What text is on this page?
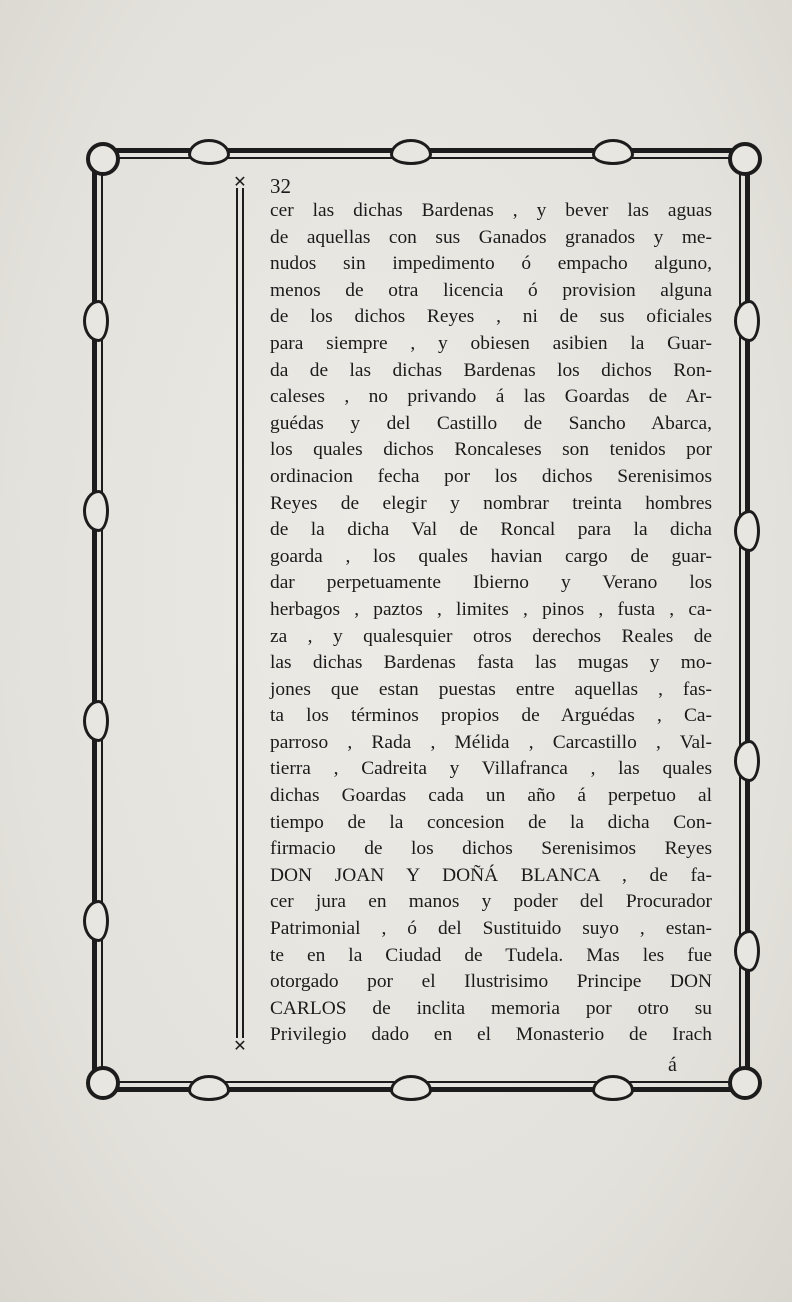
✕
✕
32
cer las dichas Bardenas , y bever las aguas
de aquellas con sus Ganados granados y me-
nudos sin impedimento ó empacho alguno,
menos de otra licencia ó provision alguna
de los dichos Reyes , ni de sus oficiales
para siempre , y obiesen asibien la Guar-
da de las dichas Bardenas los dichos Ron-
caleses , no privando á las Goardas de Ar-
guédas y del Castillo de Sancho Abarca,
los quales dichos Roncaleses son tenidos por
ordinacion fecha por los dichos Serenisimos
Reyes de elegir y nombrar treinta hombres
de la dicha Val de Roncal para la dicha
goarda , los quales havian cargo de guar-
dar perpetuamente Ibierno y Verano los
herbagos , paztos , limites , pinos , fusta , ca-
za , y qualesquier otros derechos Reales de
las dichas Bardenas fasta las mugas y mo-
jones que estan puestas entre aquellas , fas-
ta los términos propios de Arguédas , Ca-
parroso , Rada , Mélida , Carcastillo , Val-
tierra , Cadreita y Villafranca , las quales
dichas Goardas cada un año á perpetuo al
tiempo de la concesion de la dicha Con-
firmacio de los dichos Serenisimos Reyes
DON JOAN Y DOÑÁ BLANCA , de fa-
cer jura en manos y poder del Procurador
Patrimonial , ó del Sustituido suyo , estan-
te en la Ciudad de Tudela. Mas les fue
otorgado por el Ilustrisimo Principe DON
CARLOS de inclita memoria por otro su
Privilegio dado en el Monasterio de Irach
á
